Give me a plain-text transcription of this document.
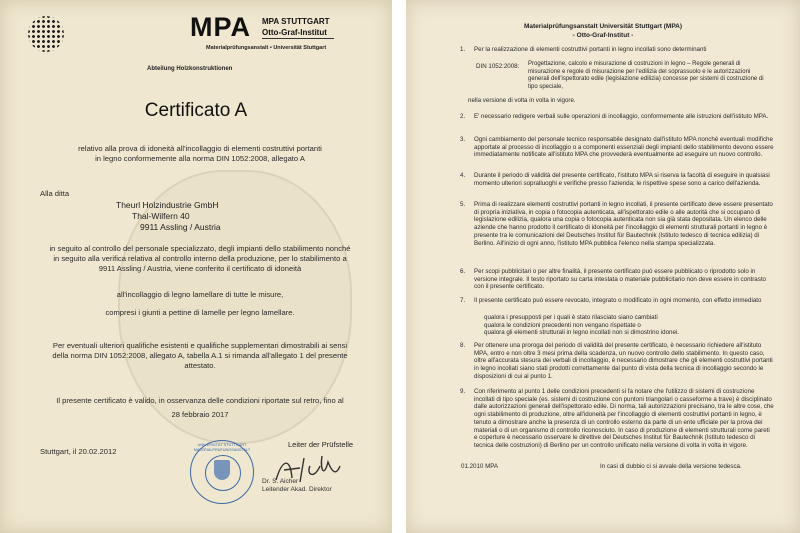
MPA MPA STUTTGART
Otto-Graf-Institut
Materialprüfungsanstalt • Universität Stuttgart
Abteilung Holzkonstruktionen
Certificato A
relativo alla prova di idoneità all'incollaggio di elementi costruttivi portanti
in legno conformemente alla norma DIN 1052:2008, allegato A
Alla ditta
Theurl Holzindustrie GmbH
Thal-Wilfern 40
9911 Assling / Austria
in seguito al controllo del personale specializzato, degli impianti dello stabilimento nonché
in seguito alla verifica relativa al controllo interno della produzione, per lo stabilimento a
9911 Assling / Austria, viene conferito il certificato di idoneità
all'incollaggio di legno lamellare di tutte le misure,
compresi i giunti a pettine di lamelle per legno lamellare.
Per eventuali ulteriori qualifiche esistenti e qualifiche supplementari dimostrabili ai sensi
della norma DIN 1052:2008, allegato A, tabella A.1 si rimanda all'allegato 1 del presente
attestato.
Il presente certificato è valido, in osservanza delle condizioni riportate sul retro, fino al
28 febbraio 2017
Stuttgart, il 20.02.2012
UNIVERSITÄT STUTTGART MATERIALPRÜFUNGSANSTALT
Leiter der Prüfstelle
Dr. S. Aicher
Leitender Akad. Direktor
Materialprüfungsanstalt Universität Stuttgart (MPA)
- Otto-Graf-Institut -
1.	Per la realizzazione di elementi costruttivi portanti in legno incollati sono determinanti
DIN 1052:2008: Progettazione, calcolo e misurazione di costruzioni in legno – Regole generali di misurazione e regole di misurazione per l'edilizia del soprassuolo e le autorizzazioni generali dell'ispettorato edile (legislazione edilizia) concesse per sistemi di costruzione di tipo speciale,
nella versione di volta in volta in vigore.
2.	E' necessario redigere verbali sulle operazioni di incollaggio, conformemente alle istruzioni dell'istituto MPA.
3.	Ogni cambiamento del personale tecnico responsabile designato dall'istituto MPA nonché eventuali modifiche apportate al processo di incollaggio o a componenti essenziali degli impianti dello stabilimento devono essere immediatamente notificate all'istituto MPA che provvederà eventualmente ad eseguire un nuovo controllo.
4.	Durante il periodo di validità del presente certificato, l'istituto MPA si riserva la facoltà di eseguire in qualsiasi momento ulteriori sopralluoghi e verifiche presso l'azienda; le rispettive spese sono a carico dell'azienda.
5.	Prima di realizzare elementi costruttivi portanti in legno incollati, il presente certificato deve essere presentato di propria iniziativa, in copia o fotocopia autenticata, all'ispettorato edile o alle autorità che si occupano di legislazione edilizia, qualora una copia o fotocopia autenticata non sia già stata depositata. Un elenco delle aziende che hanno prodotto il certificato di idoneità per l'incollaggio di elementi strutturali portanti in legno è presente tra le comunicazioni del Deutsches Institut für Bautechnik (Istituto tedesco di tecnica edilizia) di Berlino. All'inizio di ogni anno, l'istituto MPA pubblica l'elenco nella stampa specializzata.
6.	Per scopi pubblicitari o per altre finalità, il presente certificato può essere pubblicato o riprodotto solo in versione integrale. Il testo riportato su carta intestata o materiale pubblicitario non deve essere in contrasto con il presente certificato.
7.	Il presente certificato può essere revocato, integrato o modificato in ogni momento, con effetto immediato
qualora i presupposti per i quali è stato rilasciato siano cambiati
qualora le condizioni precedenti non vengano rispettate o
qualora gli elementi strutturali in legno incollati non si dimostrino idonei.
8.	Per ottenere una proroga del periodo di validità del presente certificato, è necessario richiedere all'istituto MPA, entro e non oltre 3 mesi prima della scadenza, un nuovo controllo dello stabilimento. In questo caso, oltre all'accurata stesura dei verbali di incollaggio, è necessario dimostrare che gli elementi costruttivi portanti in legno incollati siano stati prodotti correttamente dal punto di vista della tecnica di incollaggio secondo le disposizioni di cui al punto 1.
9.	Con riferimento al punto 1 delle condizioni precedenti si fa notare che l'utilizzo di sistemi di costruzione incollati di tipo speciale (es. sistemi di costruzione con puntoni triangolari o casseforme a trave) è disciplinato dalle autorizzazioni generali dell'ispettorato edile. Di norma, tali autorizzazioni precisano, tra le altre cose, che ogni stabilimento di produzione, oltre all'idoneità per l'incollaggio di elementi costruttivi portanti in legno, è tenuto a dimostrare anche la presenza di un controllo esterno da parte di un ente ufficiale per la prova dei materiali o di un organismo di controllo riconosciuto. In caso di produzione di elementi strutturali come pareti e coperture è necessario osservare le direttive del Deutsches Institut für Bautechnik (Istituto tedesco di tecnica delle costruzioni) di Berlino per un controllo unificato nella versione di volta in volta in vigore.
01.2010 MPA	In casi di dubbio ci si avvale della versione tedesca.
